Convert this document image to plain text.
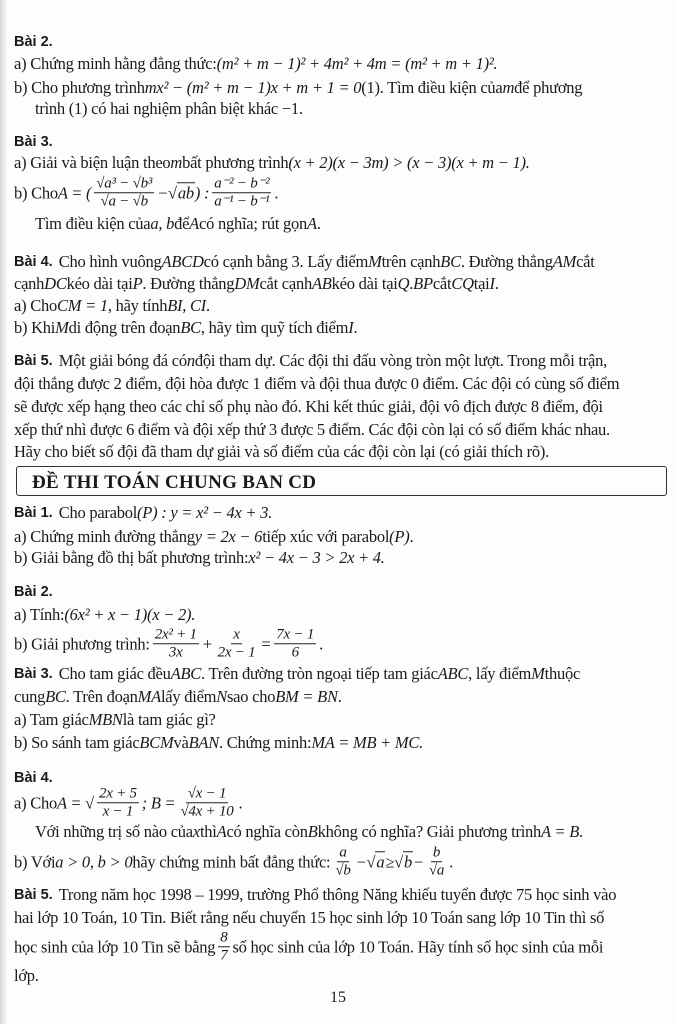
Bài 2.
a) Chứng minh hằng đẳng thức: (m² + m − 1)² + 4m² + 4m = (m² + m + 1)².
b) Cho phương trình mx² − (m² + m − 1)x + m + 1 = 0 (1). Tìm điều kiện của m để phương
trình (1) có hai nghiệm phân biệt khác −1.
Bài 3.
a) Giải và biện luận theo m bất phương trình (x + 2)(x − 3m) > (x − 3)(x + m − 1).
b) Cho A = ( $\frac{\text{√a³ − √b³}}{√a - √b} - √ab$ ) : $\frac{\text{a⁻² − b⁻²}}{\text{a⁻¹ − b⁻¹}}$ .
Tìm điều kiện của a, b để A có nghĩa; rút gọn A .
Bài 4. Cho hình vuông ABCD có cạnh bằng 3. Lấy điểm M trên cạnh BC . Đường thẳng AM cắt
cạnh DC kéo dài tại P . Đường thẳng DM cắt cạnh AB kéo dài tại Q . BP cắt CQ tại I .
a) Cho CM = 1 , hãy tính BI, CI .
b) Khi M di động trên đoạn BC , hãy tìm quỹ tích điểm I .
Bài 5. Một giải bóng đá có n đội tham dự. Các đội thi đấu vòng tròn một lượt. Trong mỗi trận,
đội thắng được 2 điểm, đội hòa được 1 điểm và đội thua được 0 điểm. Các đội có cùng số điểm
sẽ được xếp hạng theo các chỉ số phụ nào đó. Khi kết thúc giải, đội vô địch được 8 điểm, đội
xếp thứ nhì được 6 điểm và đội xếp thứ 3 được 5 điểm. Các đội còn lại có số điểm khác nhau.
Hãy cho biết số đội đã tham dự giải và số điểm của các đội còn lại (có giải thích rõ).
Bài 1. Cho parabol (P) : y = x² − 4x + 3.
a) Chứng minh đường thẳng y = 2x − 6 tiếp xúc với parabol (P) .
b) Giải bằng đồ thị bất phương trình: x² − 4x − 3 > 2x + 4.
Bài 2.
a) Tính: (6x² + x − 1)(x − 2).
b) Giải phương trình: $\frac{\text{2x² + 1}}{3x} + \frac{x}{2x - 1} = \frac{7x - 1}{6}$ .
Bài 3. Cho tam giác đều ABC . Trên đường tròn ngoại tiếp tam giác ABC , lấy điểm M thuộc
cung BC . Trên đoạn MA lấy điểm N sao cho BM = BN .
a) Tam giác MBN là tam giác gì?
b) So sánh tam giác BCM và BAN . Chứng minh: MA = MB + MC.
Bài 4.
a) Cho A = √ $\frac{2x + 5}{x - 1}$ ; $B = \frac{√x - 1}{√4x + 10}$ .
Với những trị số nào của x thì A có nghĩa còn B không có nghĩa? Giải phương trình A = B .
b) Với a > 0, b > 0 hãy chứng minh bất đẳng thức: $\frac{a}{√b} - √a \ge √b - \frac{b}{√a}$ .
Bài 5. Trong năm học 1998 – 1999, trường Phổ thông Năng khiếu tuyển được 75 học sinh vào
hai lớp 10 Toán, 10 Tin. Biết rằng nếu chuyển 15 học sinh lớp 10 Toán sang lớp 10 Tin thì số
học sinh của lớp 10 Tin sẽ bằng $\frac{8}{7}$ số học sinh của lớp 10 Toán. Hãy tính số học sinh của mỗi
lớp.
ĐỀ THI TOÁN CHUNG BAN CD
15
